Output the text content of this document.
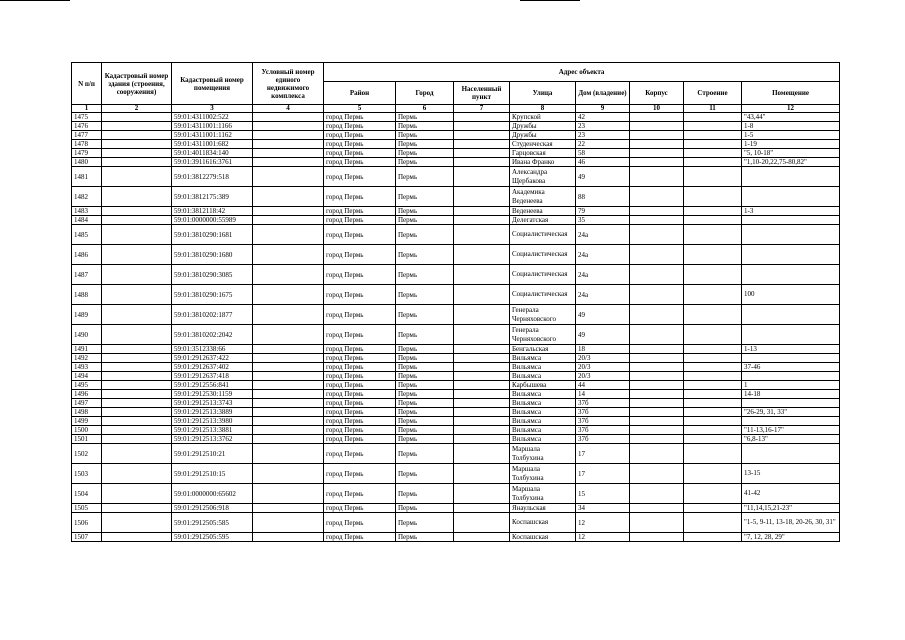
N п/п	Кадастровый номер здания (строения, сооружения)	Кадастровый номер помещения	Условный номер единого недвижимого комплекса	Адрес объекта							
				Район	Город	Населенный пункт	Улица	Дом (владение)	Корпус	Строение	Помещение
1	2	3	4	5	6	7	8	9	10	11	12
1475		59:01:4311002:522		город Пермь	Пермь		Крупской	42			"43,44"
1476		59:01:4311001:1166		город Пермь	Пермь		Дружбы	23			1-8
1477		59:01:4311001:1162		город Пермь	Пермь		Дружбы	23			1-5
1478		59:01:4311001:682		город Пермь	Пермь		Студенческая	22			1-19
1479		59:01:4011834:140		город Пермь	Пермь		Гарцовская	58			"5, 10-18"
1480		59:01:3911616:3761		город Пермь	Пермь		Ивана Франко	46			"1,10-20,22,75-80,82"
1481		59:01:3812279:518		город Пермь	Пермь		Александра Щербакова	49			
1482		59:01:3812175:389		город Пермь	Пермь		Академика Веденеева	88			
1483		59:01:3812118:42		город Пермь	Пермь		Веденеева	79			1-3
1484		59:01:0000000:55989		город Пермь	Пермь		Делегатская	35			
1485		59:01:3810290:1681		город Пермь	Пермь		Социалистическая	24а			
1486		59:01:3810290:1680		город Пермь	Пермь		Социалистическая	24а			
1487		59:01:3810290:3085		город Пермь	Пермь		Социалистическая	24а			
1488		59:01:3810290:1675		город Пермь	Пермь		Социалистическая	24а			100
1489		59:01:3810202:1877		город Пермь	Пермь		Генерала Черняховского	49			
1490		59:01:3810202:2042		город Пермь	Пермь		Генерала Черняховского	49			
1491		59:01:3512338:66		город Пермь	Пермь		Бенгальская	18			1-13
1492		59:01:2912637:422		город Пермь	Пермь		Вильямса	20/3			
1493		59:01:2912637:402		город Пермь	Пермь		Вильямса	20/3			37-46
1494		59:01:2912637:418		город Пермь	Пермь		Вильямса	20/3			
1495		59:01:2912556:841		город Пермь	Пермь		Карбышева	44			1
1496		59:01:2912530:1159		город Пермь	Пермь		Вильямса	14			14-18
1497		59:01:2912513:3743		город Пермь	Пермь		Вильямса	37б			
1498		59:01:2912513:3889		город Пермь	Пермь		Вильямса	37б			"26-29, 31, 33"
1499		59:01:2912513:3980		город Пермь	Пермь		Вильямса	37б			
1500		59:01:2912513:3881		город Пермь	Пермь		Вильямса	37б			"11-13,16-17"
1501		59:01:2912513:3762		город Пермь	Пермь		Вильямса	37б			"6,8-13"
1502		59:01:2912510:21		город Пермь	Пермь		Маршала Толбухина	17			
1503		59:01:2912510:15		город Пермь	Пермь		Маршала Толбухина	17			13-15
1504		59:01:0000000:65602		город Пермь	Пермь		Маршала Толбухина	15			41-42
1505		59:01:2912506:918		город Пермь	Пермь		Янаульская	34			"11,14,15,21-23"
1506		59:01:2912505:585		город Пермь	Пермь		Коспашская	12			"1-5, 9-11, 13-18, 20-26, 30, 31"
1507		59:01:2912505:595		город Пермь	Пермь		Коспашская	12			"7, 12, 28, 29"
